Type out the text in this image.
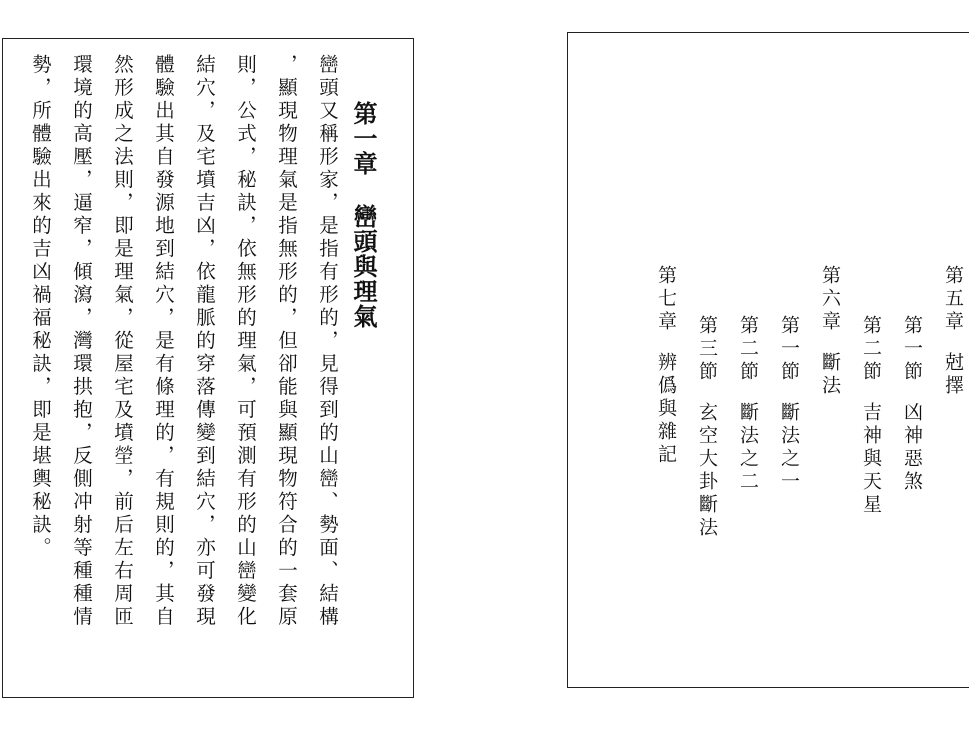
第一章巒頭與理氣
巒頭又稱形家，是指有形的，見得到的山巒、勢面、結構
，顯現物理氣是指無形的，但卻能與顯現物符合的一套原
則，公式，秘訣，依無形的理氣，可預測有形的山巒變化
結穴，及宅墳吉凶，依龍脈的穿落傳變到結穴，亦可發現
體驗出其自發源地到結穴，是有條理的，有規則的，其自
然形成之法則，即是理氣，從屋宅及墳塋，前后左右周匝
環境的高壓，逼窄，傾瀉，灣環拱抱，反側冲射等種種情
勢，所體驗出來的吉凶禍福秘訣，即是堪輿秘訣。	第五章尅擇
第一節凶神惡煞
第二節吉神與天星
第六章斷法
第一節斷法之一
第二節斷法之二
第三節玄空大卦斷法
第七章辨僞與雜記
